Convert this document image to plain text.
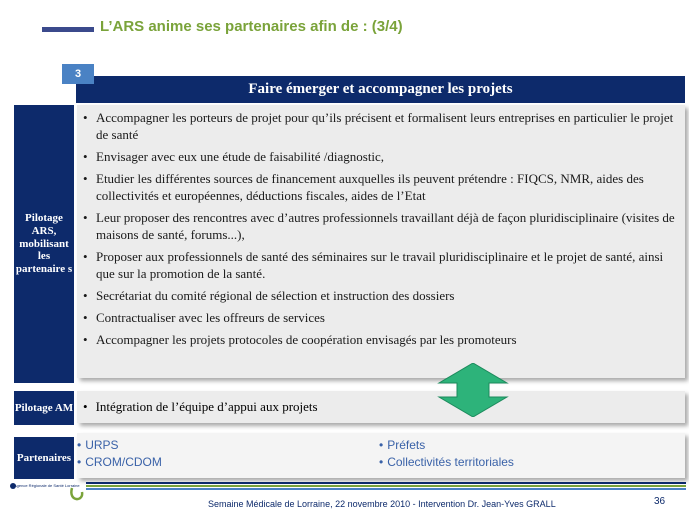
L’ARS anime ses partenaires afin de : (3/4)
Faire émerger et accompagner les projets
3
Pilotage ARS, mobilisant les partenaire s
Pilotage AM
Partenaires
• Accompagner les porteurs de projet pour qu’ils précisent et formalisent leurs entreprises en particulier le projet de santé
• Envisager avec eux une étude de faisabilité /diagnostic,
• Etudier les différentes sources de financement auxquelles ils peuvent prétendre : FIQCS, NMR, aides des collectivités et européennes, déductions fiscales, aides de l’Etat
• Leur proposer des rencontres avec d’autres professionnels travaillant déjà de façon pluridisciplinaire (visites de maisons de santé, forums...),
• Proposer aux professionnels de santé des séminaires sur le travail pluridisciplinaire et le projet de santé, ainsi que sur la promotion de la santé.
• Secrétariat du comité régional de sélection et instruction des dossiers
• Contractualiser avec les offreurs de services
• Accompagner les projets protocoles de coopération envisagés par les promoteurs
• Intégration de l’équipe d’appui aux projets
• URPS
• CROM/CDOM
• Préfets
• Collectivités territoriales
Agence Régionale de Santé Lorraine
Semaine Médicale de Lorraine, 22 novembre 2010 - Intervention Dr. Jean-Yves GRALL	36
